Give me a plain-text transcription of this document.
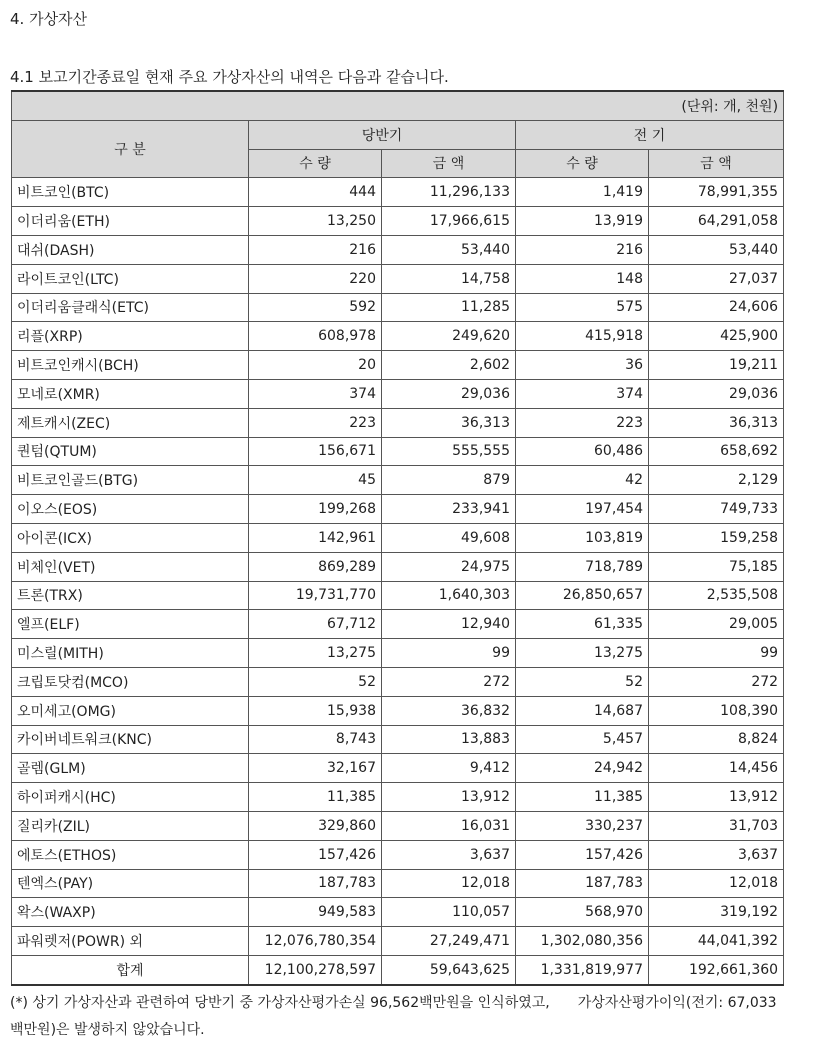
4. 가상자산
4.1 보고기간종료일 현재 주요 가상자산의 내역은 다음과 같습니다.
(단위: 개, 천원)				
구 분	당반기		전 기	
	수 량	금 액	수 량	금 액
비트코인(BTC)	444	11,296,133	1,419	78,991,355
이더리움(ETH)	13,250	17,966,615	13,919	64,291,058
대쉬(DASH)	216	53,440	216	53,440
라이트코인(LTC)	220	14,758	148	27,037
이더리움클래식(ETC)	592	11,285	575	24,606
리플(XRP)	608,978	249,620	415,918	425,900
비트코인캐시(BCH)	20	2,602	36	19,211
모네로(XMR)	374	29,036	374	29,036
제트캐시(ZEC)	223	36,313	223	36,313
퀀텀(QTUM)	156,671	555,555	60,486	658,692
비트코인골드(BTG)	45	879	42	2,129
이오스(EOS)	199,268	233,941	197,454	749,733
아이콘(ICX)	142,961	49,608	103,819	159,258
비체인(VET)	869,289	24,975	718,789	75,185
트론(TRX)	19,731,770	1,640,303	26,850,657	2,535,508
엘프(ELF)	67,712	12,940	61,335	29,005
미스릴(MITH)	13,275	99	13,275	99
크립토닷컴(MCO)	52	272	52	272
오미세고(OMG)	15,938	36,832	14,687	108,390
카이버네트워크(KNC)	8,743	13,883	5,457	8,824
골렘(GLM)	32,167	9,412	24,942	14,456
하이퍼캐시(HC)	11,385	13,912	11,385	13,912
질리카(ZIL)	329,860	16,031	330,237	31,703
에토스(ETHOS)	157,426	3,637	157,426	3,637
텐엑스(PAY)	187,783	12,018	187,783	12,018
왁스(WAXP)	949,583	110,057	568,970	319,192
파워렛저(POWR) 외	12,076,780,354	27,249,471	1,302,080,356	44,041,392
합계	12,100,278,597	59,643,625	1,331,819,977	192,661,360
(*) 상기 가상자산과 관련하여 당반기 중 가상자산평가손실 96,562백만원을 인식하였고, 가상자산평가이익(전기: 67,033백만원)은 발생하지 않았습니다.
